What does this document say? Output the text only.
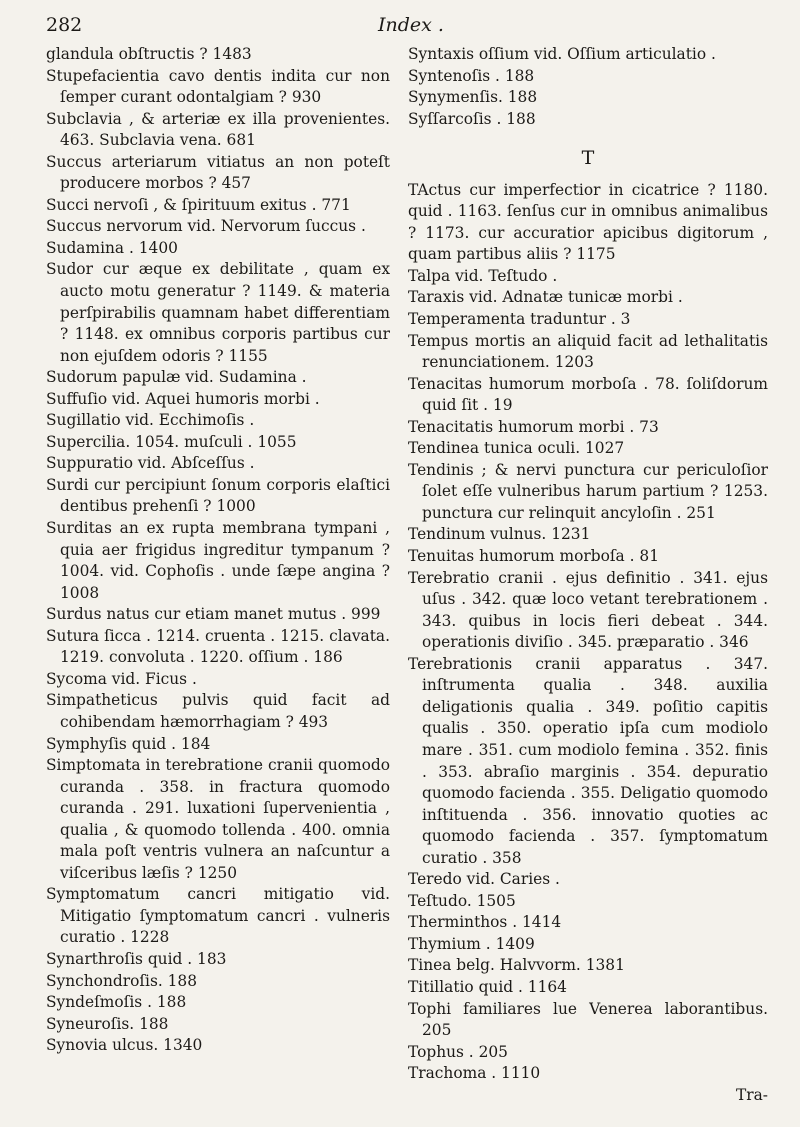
282	Index .
glandula obſtructis ? 1483
Stupefacientia cavo dentis indita cur non ſemper curant odontalgiam ? 930
Subclavia , & arteriæ ex illa provenientes. 463. Subclavia vena. 681
Succus arteriarum vitiatus an non poteſt producere morbos ? 457
Succi nervoſi , & ſpirituum exitus . 771
Succus nervorum vid. Nervorum ſuccus .
Sudamina . 1400
Sudor cur æque ex debilitate , quam ex aucto motu generatur ? 1149. & materia perſpirabilis quamnam habet differentiam ? 1148. ex omnibus corporis partibus cur non ejuſdem odoris ? 1155
Sudorum papulæ vid. Sudamina .
Suffuſio vid. Aquei humoris morbi .
Sugillatio vid. Ecchimoſis .
Supercilia. 1054. muſculi . 1055
Suppuratio vid. Abſceſſus .
Surdi cur percipiunt ſonum corporis elaſtici dentibus prehenſi ? 1000
Surditas an ex rupta membrana tympani , quia aer frigidus ingreditur tympanum ? 1004. vid. Cophoſis . unde ſæpe angina ? 1008
Surdus natus cur etiam manet mutus . 999
Sutura ſicca . 1214. cruenta . 1215. clavata. 1219. convoluta . 1220. oſſium . 186
Sycoma vid. Ficus .
Simpatheticus pulvis quid facit ad cohibendam hæmorrhagiam ? 493
Symphyſis quid . 184
Simptomata in terebratione cranii quomodo curanda . 358. in fractura quomodo curanda . 291. luxationi ſupervenientia , qualia , & quomodo tollenda . 400. omnia mala poſt ventris vulnera an naſcuntur a viſceribus læſis ? 1250
Symptomatum cancri mitigatio vid. Mitigatio ſymptomatum cancri . vulneris curatio . 1228
Synarthroſis quid . 183
Synchondroſis. 188
Syndeſmoſis . 188
Syneuroſis. 188
Synovia ulcus. 1340
Syntaxis oſſium vid. Oſſium articulatio .
Syntenoſis . 188
Synymenſis. 188
Syſſarcoſis . 188
T
TActus cur imperfectior in cicatrice ? 1180. quid . 1163. ſenſus cur in omnibus animalibus ? 1173. cur accuratior apicibus digitorum , quam partibus aliis ? 1175
Talpa vid. Teſtudo .
Taraxis vid. Adnatæ tunicæ morbi .
Temperamenta traduntur . 3
Tempus mortis an aliquid facit ad lethalitatis renunciationem. 1203
Tenacitas humorum morboſa . 78. ſoliſdorum quid ſit . 19
Tenacitatis humorum morbi . 73
Tendinea tunica oculi. 1027
Tendinis ; & nervi punctura cur periculoſior ſolet eſſe vulneribus harum partium ? 1253. punctura cur relinquit ancyloſin . 251
Tendinum vulnus. 1231
Tenuitas humorum morboſa . 81
Terebratio cranii . ejus definitio . 341. ejus uſus . 342. quæ loco vetant terebrationem . 343. quibus in locis fieri debeat . 344. operationis diviſio . 345. præparatio . 346
Terebrationis cranii apparatus . 347. inſtrumenta qualia . 348. auxilia deligationis qualia . 349. poſitio capitis qualis . 350. operatio ipſa cum modiolo mare . 351. cum modiolo femina . 352. finis . 353. abraſio marginis . 354. depuratio quomodo facienda . 355. Deligatio quomodo inſtituenda . 356. innovatio quoties ac quomodo facienda . 357. ſymptomatum curatio . 358
Teredo vid. Caries .
Teſtudo. 1505
Therminthos . 1414
Thymium . 1409
Tinea belg. Halvvorm. 1381
Titillatio quid . 1164
Tophi familiares lue Venerea laborantibus. 205
Tophus . 205
Trachoma . 1110
Tra-
